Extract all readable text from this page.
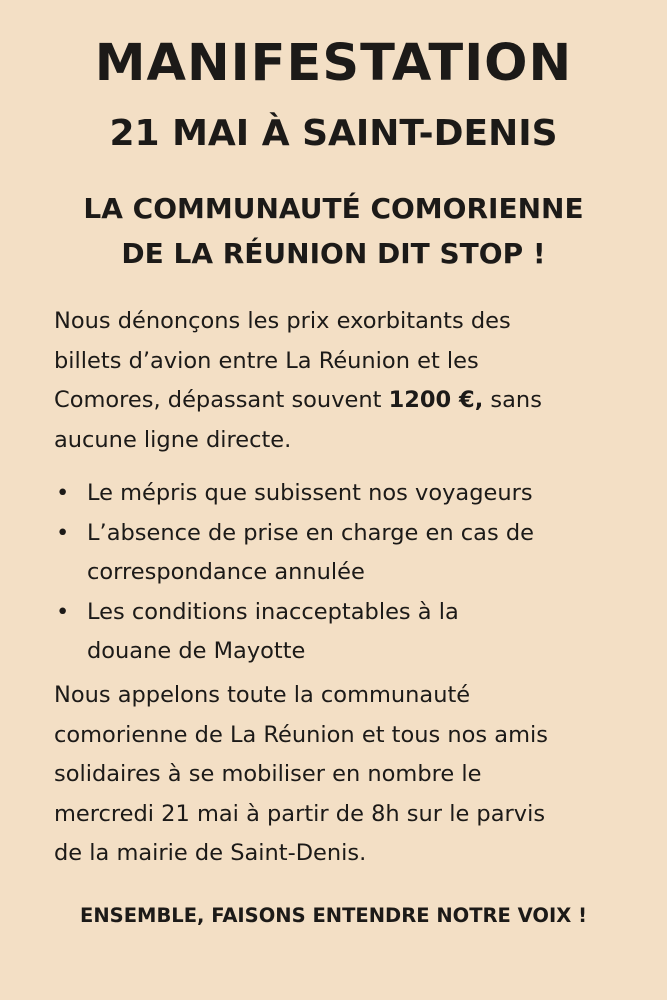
MANIFESTATION
21 MAI À SAINT-DENIS
LA COMMUNAUTÉ COMORIENNE
DE LA RÉUNION DIT STOP !

Nous dénonçons les prix exorbitants des
billets d’avion entre La Réunion et les
Comores, dépassant souvent 1200 €, sans
aucune ligne directe.

• Le mépris que subissent nos voyageurs
• L’absence de prise en charge en cas de
correspondance annulée
• Les conditions inacceptables à la
douane de Mayotte

Nous appelons toute la communauté
comorienne de La Réunion et tous nos amis
solidaires à se mobiliser en nombre le
mercredi 21 mai à partir de 8h sur le parvis
de la mairie de Saint-Denis.

ENSEMBLE, FAISONS ENTENDRE NOTRE VOIX !
